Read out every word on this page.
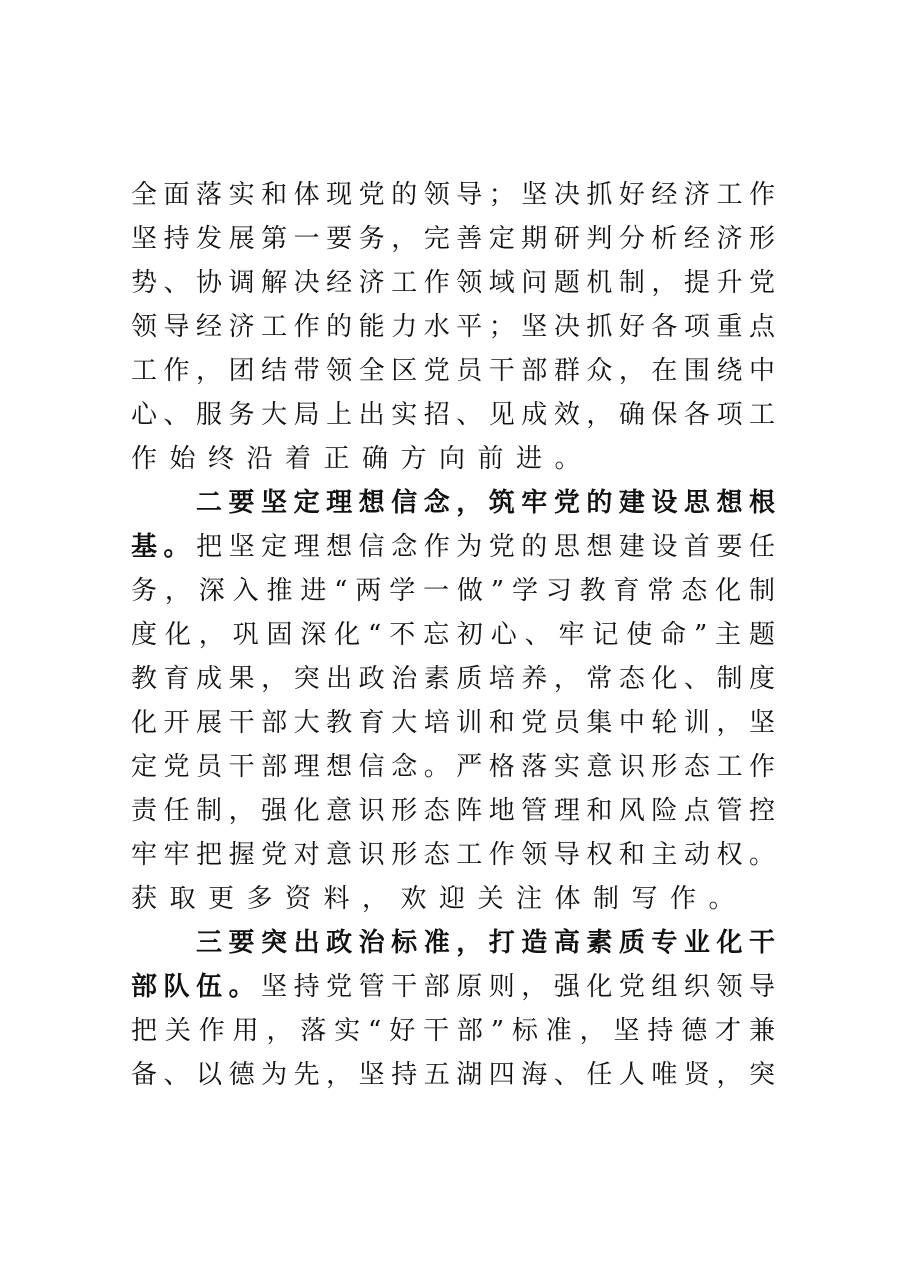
全面落实和体现党的领导；坚决抓好经济工作
坚持发展第一要务，完善定期研判分析经济形
势、协调解决经济工作领域问题机制，提升党
领导经济工作的能力水平；坚决抓好各项重点
工作，团结带领全区党员干部群众，在围绕中
心、服务大局上出实招、见成效，确保各项工
作始终沿着正确方向前进。
二要坚定理想信念，筑牢党的建设思想根
基。把坚定理想信念作为党的思想建设首要任
务，深入推进“两学一做”学习教育常态化制
度化，巩固深化“不忘初心、牢记使命”主题
教育成果，突出政治素质培养，常态化、制度
化开展干部大教育大培训和党员集中轮训，坚
定党员干部理想信念。严格落实意识形态工作
责任制，强化意识形态阵地管理和风险点管控
牢牢把握党对意识形态工作领导权和主动权。
获取更多资料，欢迎关注体制写作。
三要突出政治标准，打造高素质专业化干
部队伍。坚持党管干部原则，强化党组织领导
把关作用，落实“好干部”标准，坚持德才兼
备、以德为先，坚持五湖四海、任人唯贤，突
